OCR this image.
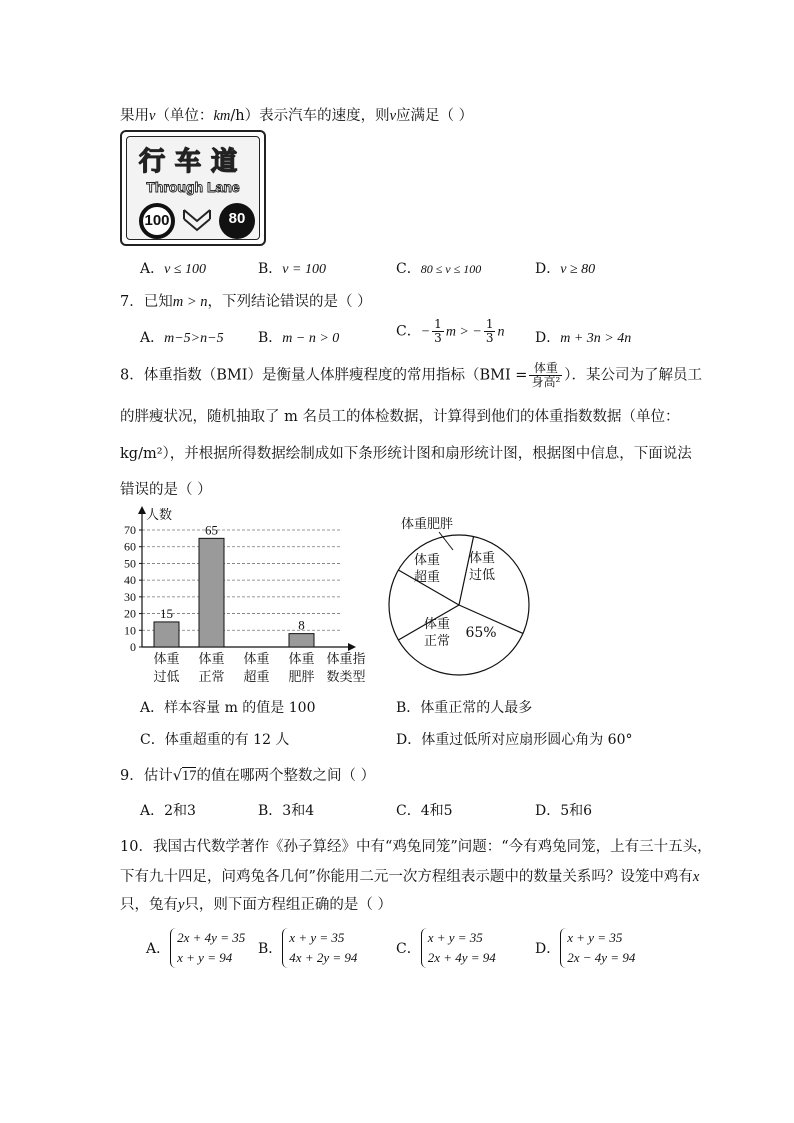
果用v（单位：km/h）表示汽车的速度，则v应满足（ ）
行车道
Through Lane
100	80
A．v ≤ 100	B．v = 100	C．80 ≤ v ≤ 100	D．v ≥ 80
7．已知m > n，下列结论错误的是（ ）
A．m−5>n−5 B．m − n > 0	C．− $\frac{1}{3}$ m > − $\frac{1}{3}$ n D．m + 3n > 4n
8．体重指数（BMI）是衡量人体胖瘦程度的常用指标（$BMI = \frac{\text{体重}}{\text{身高²}}$ ）．某公司为了解员工
的胖瘦状况，随机抽取了 m 名员工的体检数据，计算得到他们的体重指数数据（单位：
kg/m²），并根据所得数据绘制成如下条形统计图和扇形统计图，根据图中信息，下面说法
错误的是（ ）
0
10
20
30
40
50
60
70
人数
15
体重
过低
65
体重
正常
体重
超重
8
体重
肥胖
体重指
数类型
体重
正常
65%
体重
超重
体重
过低
体重肥胖
A．样本容量 m 的值是 100	B．体重正常的人最多
C．体重超重的有 12 人	D．体重过低所对应扇形圆心角为 60°
9．估计√17的值在哪两个整数之间（ ）
A．2和3	B．3和4	C．4和5	D．5和6
10．我国古代数学著作《孙子算经》中有“鸡兔同笼”问题：“今有鸡兔同笼，上有三十五头，
下有九十四足，问鸡兔各几何”你能用二元一次方程组表示题中的数量关系吗？设笼中鸡有x
只，兔有y只，则下面方程组正确的是（ ）
A．
2x + 4y = 35
x + y = 94
B．
x + y = 35
4x + 2y = 94
C．
x + y = 35
2x + 4y = 94
D．
x + y = 35
2x − 4y = 94
